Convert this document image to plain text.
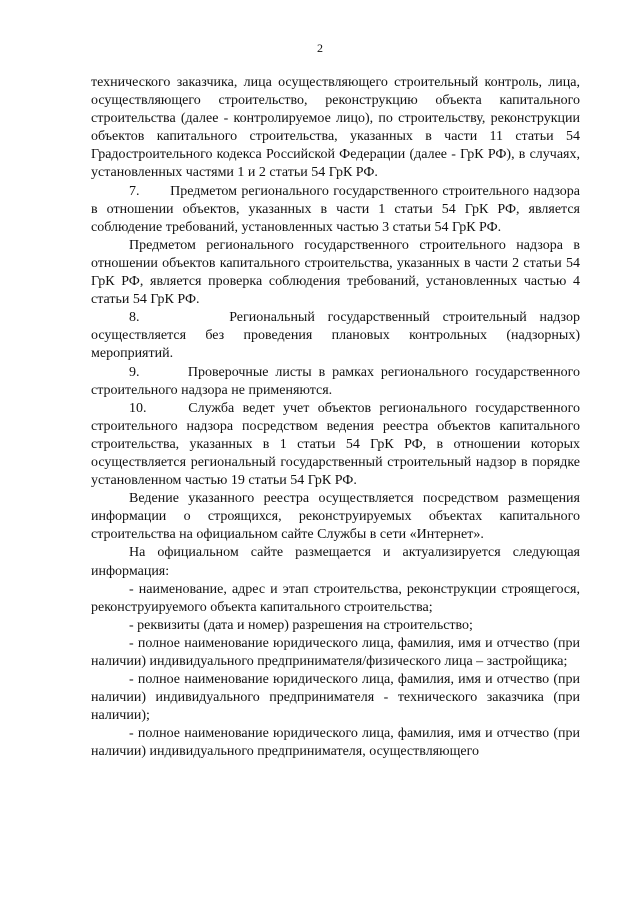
2

технического заказчика, лица осуществляющего строительный контроль, лица, осуществляющего строительство, реконструкцию объекта капитального строительства (далее - контролируемое лицо), по строительству, реконструкции объектов капитального строительства, указанных в части 11 статьи 54 Градостроительного кодекса Российской Федерации (далее - ГрК РФ), в случаях, установленных частями 1 и 2 статьи 54 ГрК РФ.

7.       Предметом регионального государственного строительного надзора в отношении объектов, указанных в части 1 статьи 54 ГрК РФ, является соблюдение требований, установленных частью 3 статьи 54 ГрК РФ.

Предметом регионального государственного строительного надзора в отношении объектов капитального строительства, указанных в части 2 статьи 54 ГрК РФ, является проверка соблюдения требований, установленных частью 4 статьи 54 ГрК РФ.

8.       Региональный государственный строительный надзор осуществляется без проведения плановых контрольных (надзорных) мероприятий.

9.       Проверочные листы в рамках регионального государственного строительного надзора не применяются.

10.     Служба ведет учет объектов регионального государственного строительного надзора посредством ведения реестра объектов капитального строительства, указанных в 1 статьи 54 ГрК РФ, в отношении которых осуществляется региональный государственный строительный надзор в порядке установленном частью 19 статьи 54 ГрК РФ.

Ведение указанного реестра осуществляется посредством размещения информации о строящихся, реконструируемых объектах капитального строительства на официальном сайте Службы в сети «Интернет».

На официальном сайте размещается и актуализируется следующая информация:

- наименование, адрес и этап строительства, реконструкции строящегося, реконструируемого объекта капитального строительства;

- реквизиты (дата и номер) разрешения на строительство;

- полное наименование юридического лица, фамилия, имя и отчество (при наличии) индивидуального предпринимателя/физического лица – застройщика;

- полное наименование юридического лица, фамилия, имя и отчество (при наличии) индивидуального предпринимателя - технического заказчика (при наличии);

- полное наименование юридического лица, фамилия, имя и отчество (при наличии) индивидуального предпринимателя, осуществляющего
